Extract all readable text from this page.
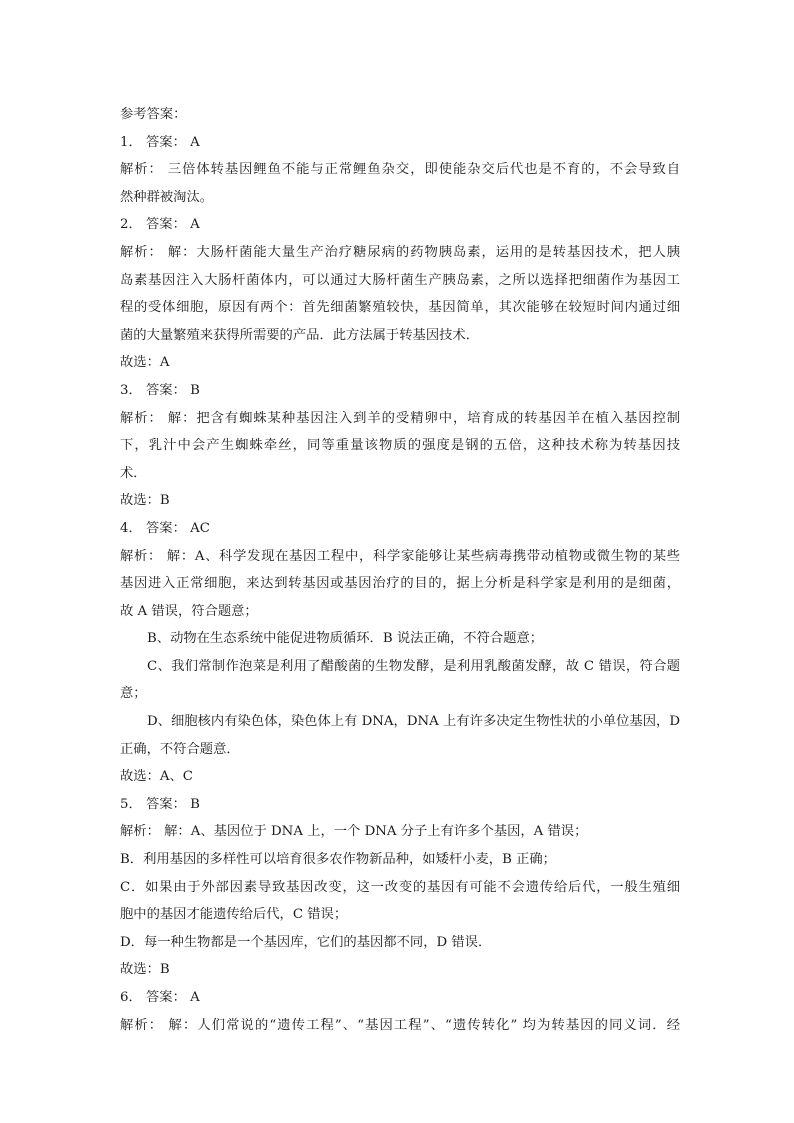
参考答案：
1． 答案： A
解析： 三倍体转基因鲤鱼不能与正常鲤鱼杂交，即使能杂交后代也是不育的，不会导致自
然种群被淘汰。
2． 答案： A
解析： 解：大肠杆菌能大量生产治疗糖尿病的药物胰岛素，运用的是转基因技术，把人胰
岛素基因注入大肠杆菌体内，可以通过大肠杆菌生产胰岛素，之所以选择把细菌作为基因工
程的受体细胞，原因有两个：首先细菌繁殖较快，基因简单，其次能够在较短时间内通过细
菌的大量繁殖来获得所需要的产品．此方法属于转基因技术．
故选：A
3． 答案： B
解析： 解：把含有蜘蛛某种基因注入到羊的受精卵中，培育成的转基因羊在植入基因控制
下，乳汁中会产生蜘蛛牵丝，同等重量该物质的强度是钢的五倍，这种技术称为转基因技
术．
故选：B
4． 答案： AC
解析： 解：A、科学发现在基因工程中，科学家能够让某些病毒携带动植物或微生物的某些
基因进入正常细胞，来达到转基因或基因治疗的目的，据上分析是科学家是利用的是细菌，
故 A 错误，符合题意；
B、动物在生态系统中能促进物质循环．B 说法正确，不符合题意；
C、我们常制作泡菜是利用了醋酸菌的生物发酵，是利用乳酸菌发酵，故 C 错误，符合题
意；
D、细胞核内有染色体，染色体上有 DNA，DNA 上有许多决定生物性状的小单位基因，D
正确，不符合题意．
故选：A、C
5． 答案： B
解析： 解：A、基因位于 DNA 上，一个 DNA 分子上有许多个基因，A 错误；
B．利用基因的多样性可以培育很多农作物新品种，如矮杆小麦，B 正确；
C．如果由于外部因素导致基因改变，这一改变的基因有可能不会遗传给后代，一般生殖细
胞中的基因才能遗传给后代，C 错误；
D．每一种生物都是一个基因库，它们的基因都不同，D 错误．
故选：B
6． 答案： A
解析： 解：人们常说的“遗传工程”、“基因工程”、“遗传转化” 均为转基因的同义词．经
